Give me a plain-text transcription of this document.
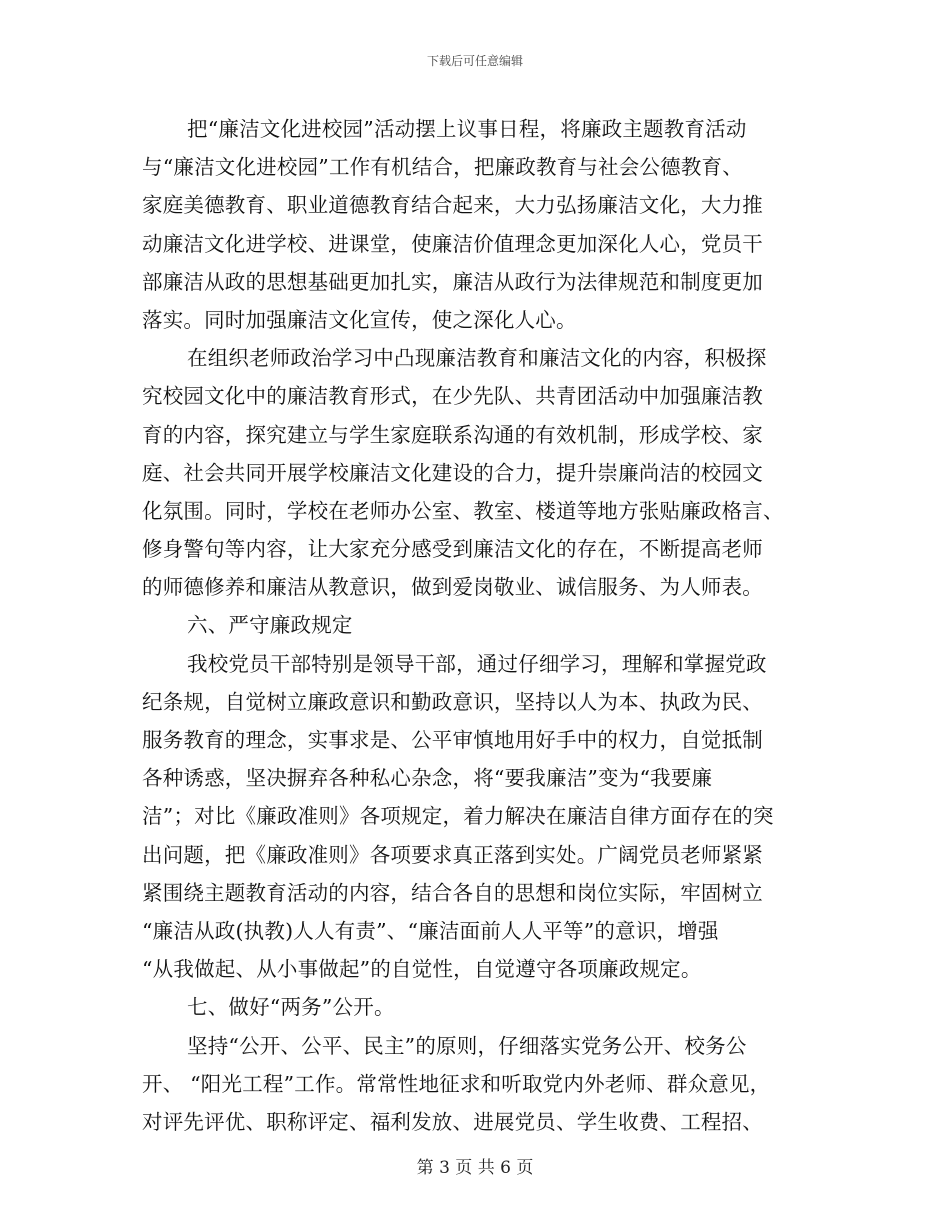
下载后可任意编辑
把“廉洁文化进校园”活动摆上议事日程，将廉政主题教育活动
与“廉洁文化进校园”工作有机结合，把廉政教育与社会公德教育、
家庭美德教育、职业道德教育结合起来，大力弘扬廉洁文化，大力推
动廉洁文化进学校、进课堂，使廉洁价值理念更加深化人心，党员干
部廉洁从政的思想基础更加扎实，廉洁从政行为法律规范和制度更加
落实。同时加强廉洁文化宣传，使之深化人心。
在组织老师政治学习中凸现廉洁教育和廉洁文化的内容，积极探
究校园文化中的廉洁教育形式，在少先队、共青团活动中加强廉洁教
育的内容，探究建立与学生家庭联系沟通的有效机制，形成学校、家
庭、社会共同开展学校廉洁文化建设的合力，提升崇廉尚洁的校园文
化氛围。同时，学校在老师办公室、教室、楼道等地方张贴廉政格言、
修身警句等内容，让大家充分感受到廉洁文化的存在，不断提高老师
的师德修养和廉洁从教意识，做到爱岗敬业、诚信服务、为人师表。
六、严守廉政规定
我校党员干部特别是领导干部，通过仔细学习，理解和掌握党政
纪条规，自觉树立廉政意识和勤政意识，坚持以人为本、执政为民、
服务教育的理念，实事求是、公平审慎地用好手中的权力，自觉抵制
各种诱惑，坚决摒弃各种私心杂念，将“要我廉洁”变为“我要廉
洁”；对比《廉政准则》各项规定，着力解决在廉洁自律方面存在的突
出问题，把《廉政准则》各项要求真正落到实处。广阔党员老师紧紧
紧围绕主题教育活动的内容，结合各自的思想和岗位实际，牢固树立
“廉洁从政(执教)人人有责”、“廉洁面前人人平等”的意识，增强
“从我做起、从小事做起”的自觉性，自觉遵守各项廉政规定。
七、做好“两务”公开。
坚持“公开、公平、民主”的原则，仔细落实党务公开、校务公
开、 “阳光工程”工作。常常性地征求和听取党内外老师、群众意见，
对评先评优、职称评定、福利发放、进展党员、学生收费、工程招、
第 3 页 共 6 页
